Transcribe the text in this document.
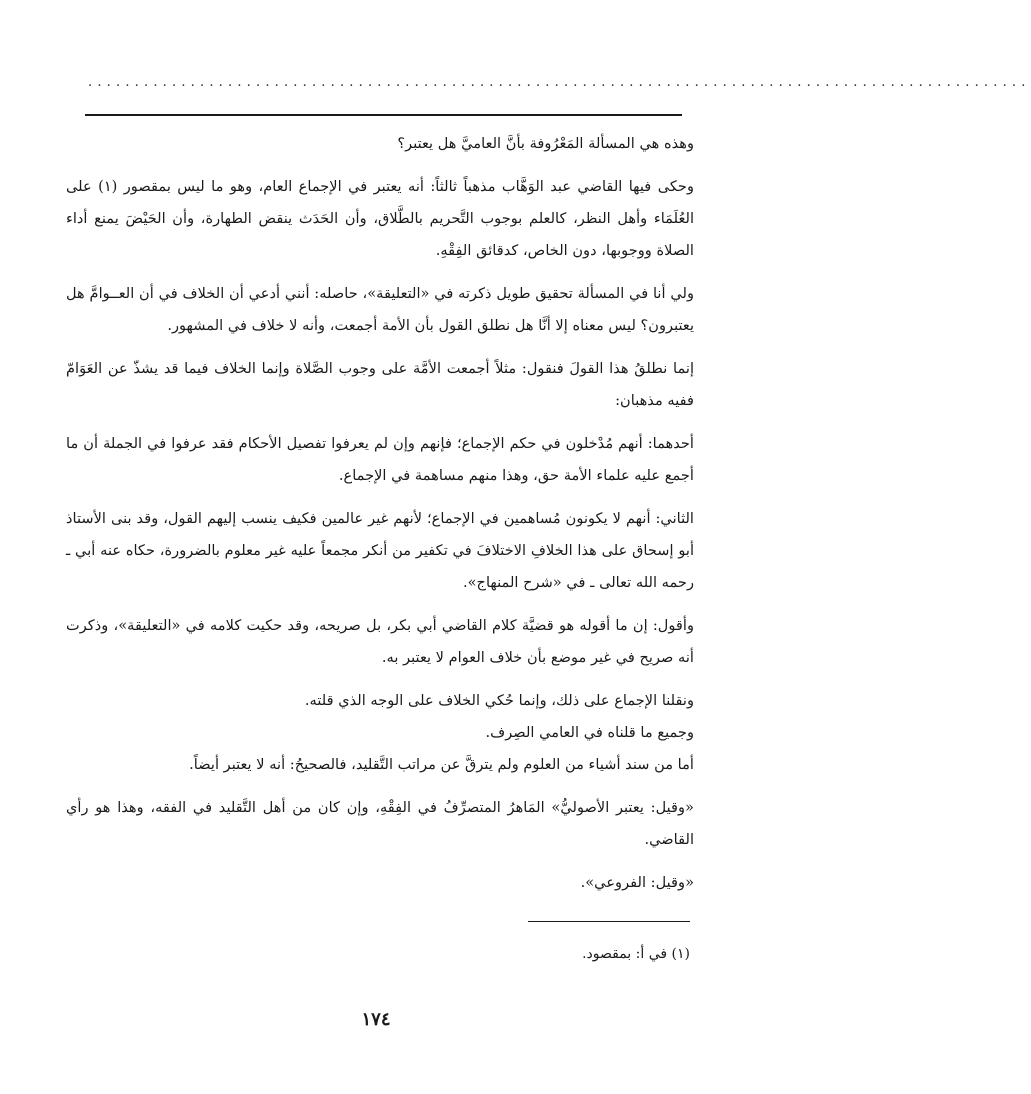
.....................................................................................................

وهذه هي المسألة المَعْرُوفة بأنَّ العاميَّ هل يعتبر؟

وحكى فيها القاضي عبد الوَهَّاب مذهباً ثالثاً: أنه يعتبر في الإجماع العام، وهو ما ليس بمقصور (١) على العُلَمَاء وأهل النظر، كالعلم بوجوب التَّحريم بالطَّلاق، وأن الحَدَث ينقض الطهارة، وأن الحَيْضَ يمنع أداء الصلاة ووجوبها، دون الخاص، كدقائق الفِقْهِ.

ولي أنا في المسألة تحقيق طويل ذكرته في «التعليقة»، حاصله: أنني أدعي أن الخلاف في أن العــوامَّ هل يعتبرون؟ ليس معناه إلا أنَّا هل نطلق القول بأن الأمة أجمعت، وأنه لا خلاف في المشهور.

إنما نطلقُ هذا القولَ فنقول: مثلاً أجمعت الأمَّة على وجوب الصَّلاة وإنما الخلاف فيما قد يشذّ عن العَوَامّ ففيه مذهبان:

أحدهما: أنهم مُدْخلون في حكم الإجماع؛ فإنهم وإن لم يعرفوا تفصيل الأحكام فقد عرفوا في الجملة أن ما أجمع عليه علماء الأمة حق، وهذا منهم مساهمة في الإجماع.

الثاني: أنهم لا يكونون مُساهمين في الإجماع؛ لأنهم غير عالمين فكيف ينسب إليهم القول، وقد بنى الأستاذ أبو إسحاق على هذا الخلافِ الاختلافَ في تكفير من أنكر مجمعاً عليه غير معلوم بالضرورة، حكاه عنه أبي ـ رحمه الله تعالى ـ في «شرح المنهاج».

وأقول: إن ما أقوله هو قضيَّة كلام القاضي أبي بكر، بل صريحه، وقد حكيت كلامه في «التعليقة»، وذكرت أنه صريح في غير موضع بأن خلاف العوام لا يعتبر به.

ونقلنا الإجماع على ذلك، وإنما حُكي الخلاف على الوجه الذي قلته.

وجميع ما قلناه في العامي الصِرف.

أما من سند أشياء من العلوم ولم يترقَّ عن مراتب التَّقليد، فالصحيحُ: أنه لا يعتبر أيضاً.

«وقيل: يعتبر الأصوليُّ» المَاهرُ المتصرِّفُ في الفِقْهِ، وإن كان من أهل التَّقليد في الفقه، وهذا هو رأي القاضي.

«وقيل: الفروعي».

(١) في أ: بمقصود.
١٧٤
